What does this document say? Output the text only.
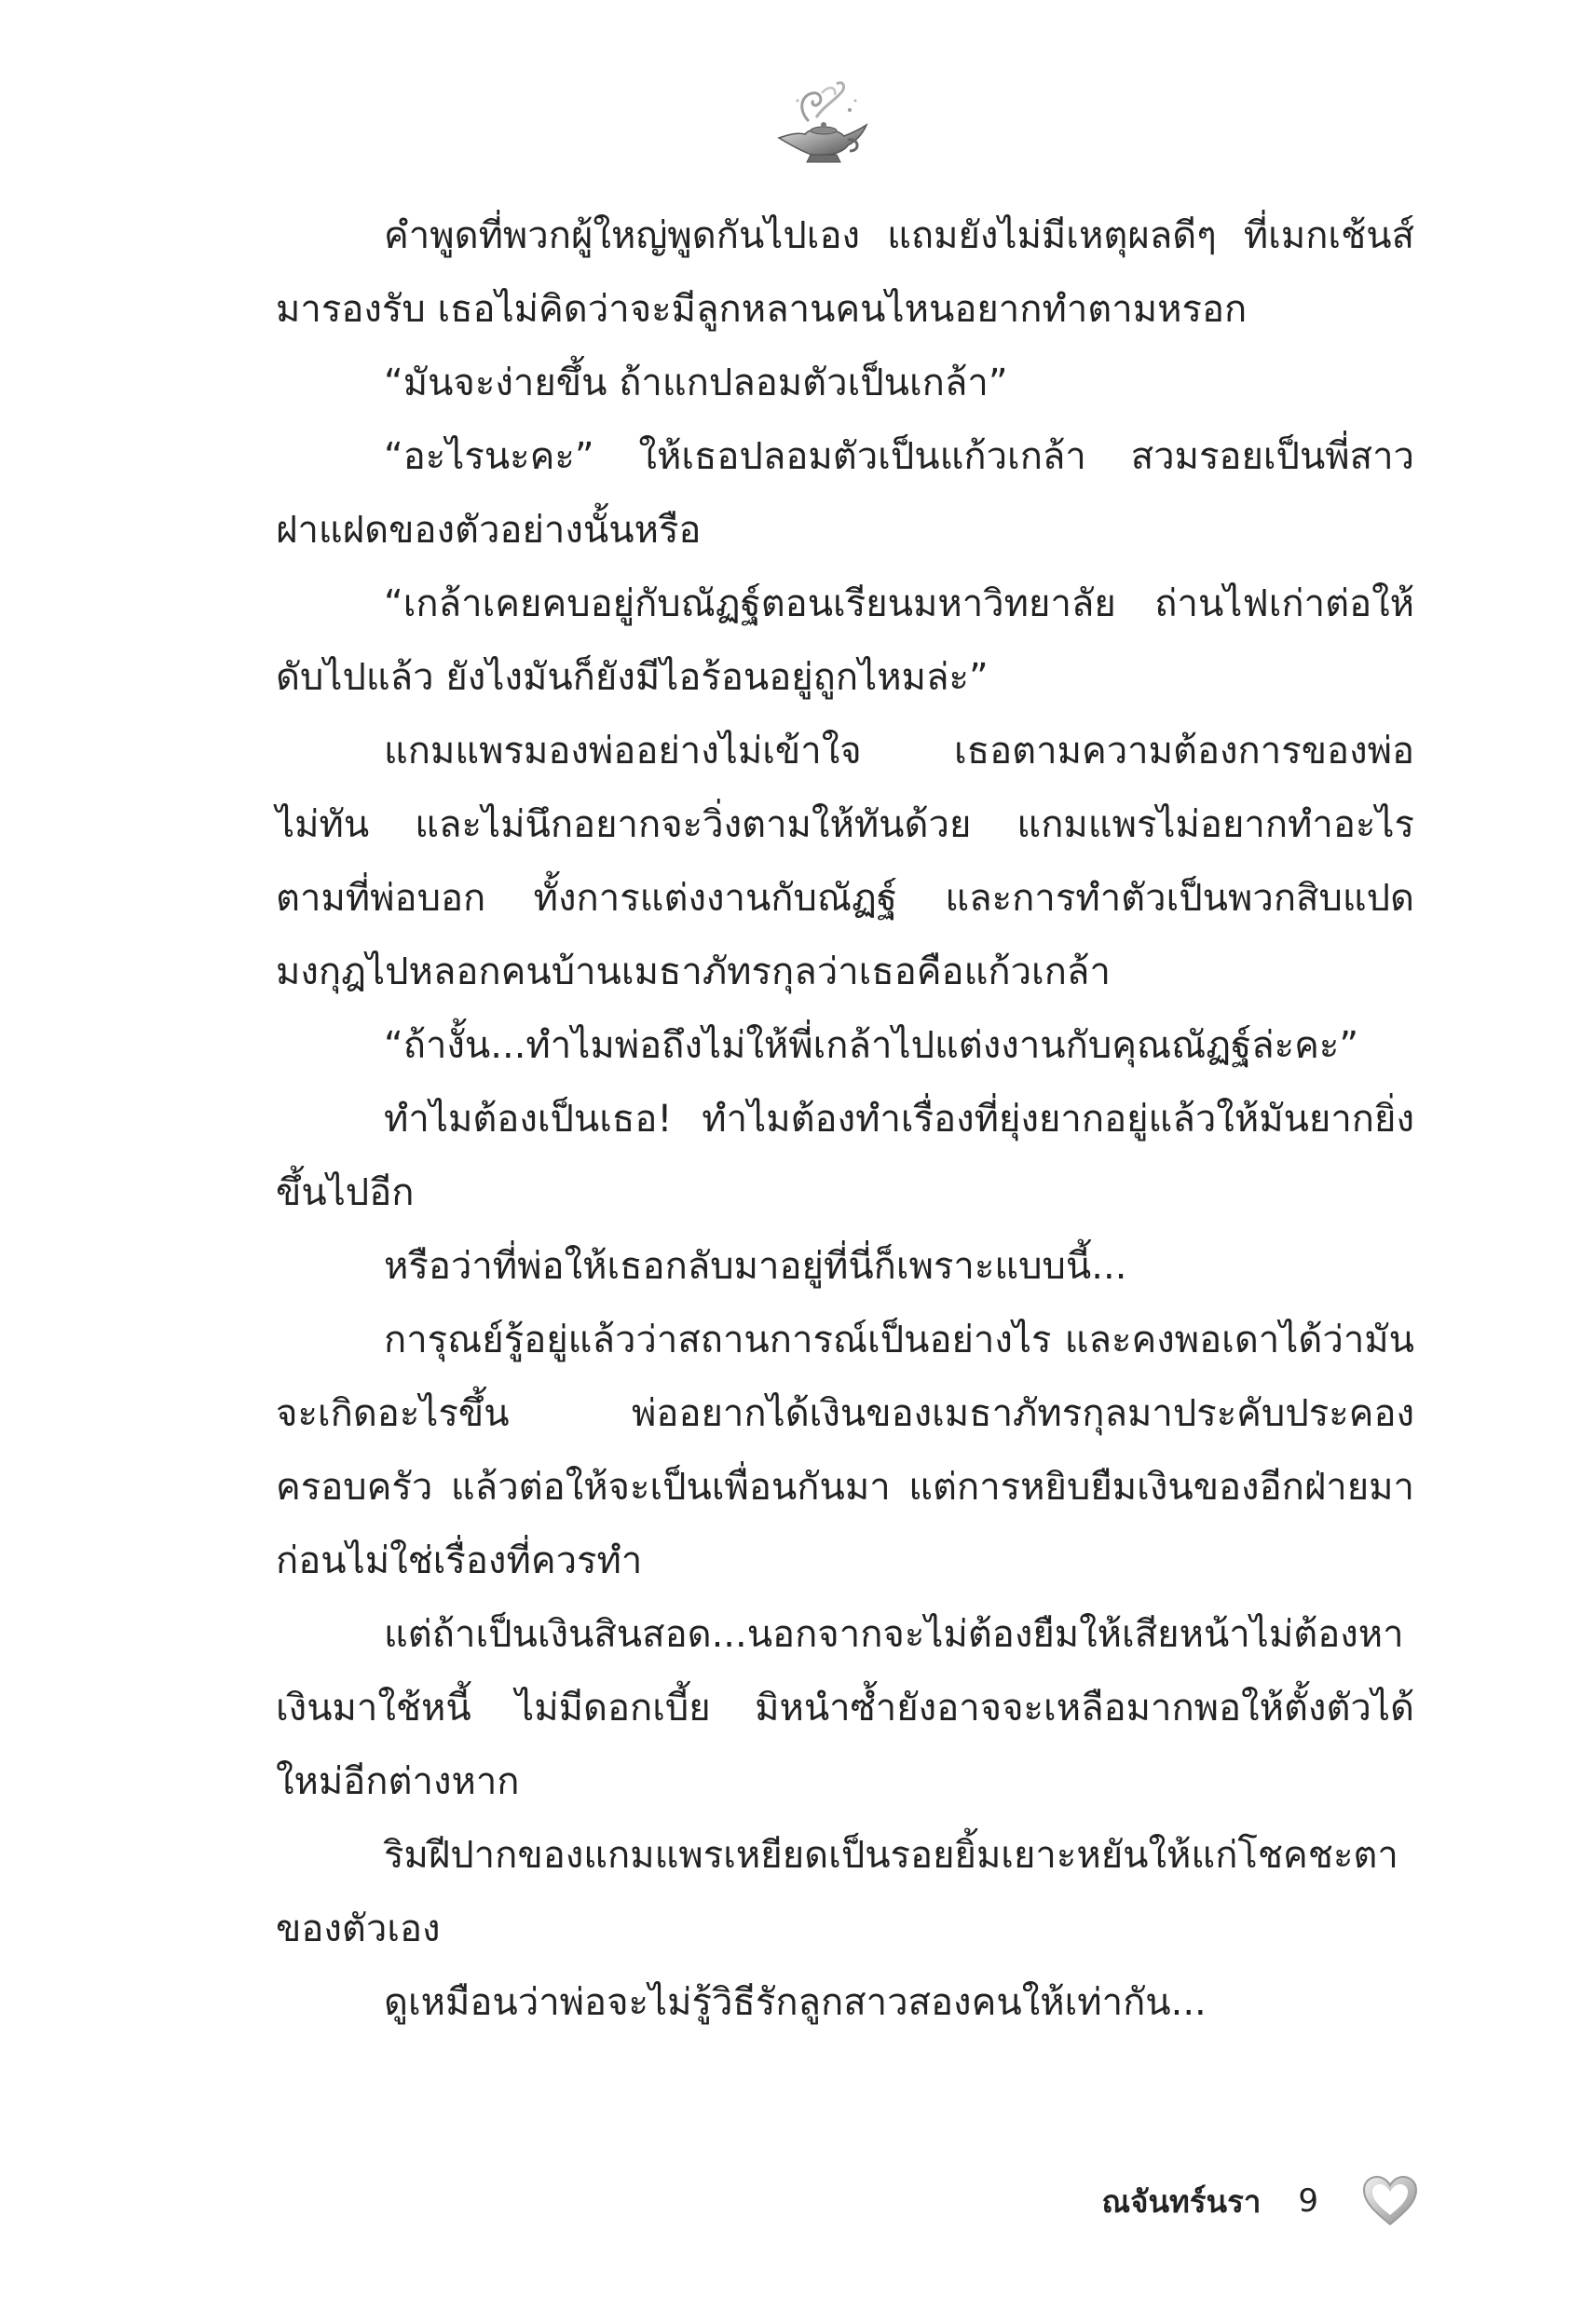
คำพูดที่พวกผู้ใหญ่พูดกันไปเอง แถมยังไม่มีเหตุผลดีๆ ที่เมกเช้นส์มารองรับ เธอไม่คิดว่าจะมีลูกหลานคนไหนอยากทำตามหรอก

“มันจะง่ายขึ้น ถ้าแกปลอมตัวเป็นเกล้า”

“อะไรนะคะ” ให้เธอปลอมตัวเป็นแก้วเกล้า สวมรอยเป็นพี่สาวฝาแฝดของตัวอย่างนั้นหรือ

“เกล้าเคยคบอยู่กับณัฏฐ์ตอนเรียนมหาวิทยาลัย ถ่านไฟเก่าต่อให้ดับไปแล้ว ยังไงมันก็ยังมีไอร้อนอยู่ถูกไหมล่ะ”

แกมแพรมองพ่ออย่างไม่เข้าใจ เธอตามความต้องการของพ่อไม่ทัน และไม่นึกอยากจะวิ่งตามให้ทันด้วย แกมแพรไม่อยากทำอะไรตามที่พ่อบอก ทั้งการแต่งงานกับณัฏฐ์ และการทำตัวเป็นพวกสิบแปดมงกุฎไปหลอกคนบ้านเมธาภัทรกุลว่าเธอคือแก้วเกล้า

“ถ้างั้น...ทำไมพ่อถึงไม่ให้พี่เกล้าไปแต่งงานกับคุณณัฏฐ์ล่ะคะ”

ทำไมต้องเป็นเธอ! ทำไมต้องทำเรื่องที่ยุ่งยากอยู่แล้วให้มันยากยิ่งขึ้นไปอีก

หรือว่าที่พ่อให้เธอกลับมาอยู่ที่นี่ก็เพราะแบบนี้...

การุณย์รู้อยู่แล้วว่าสถานการณ์เป็นอย่างไร และคงพอเดาได้ว่ามันจะเกิดอะไรขึ้น พ่ออยากได้เงินของเมธาภัทรกุลมาประคับประคองครอบครัว แล้วต่อให้จะเป็นเพื่อนกันมา แต่การหยิบยืมเงินของอีกฝ่ายมาก่อนไม่ใช่เรื่องที่ควรทำ

แต่ถ้าเป็นเงินสินสอด...นอกจากจะไม่ต้องยืมให้เสียหน้าไม่ต้องหาเงินมาใช้หนี้ ไม่มีดอกเบี้ย มิหนำซ้ำยังอาจจะเหลือมากพอให้ตั้งตัวได้ใหม่อีกต่างหาก

ริมฝีปากของแกมแพรเหยียดเป็นรอยยิ้มเยาะหยันให้แก่โชคชะตาของตัวเอง

ดูเหมือนว่าพ่อจะไม่รู้วิธีรักลูกสาวสองคนให้เท่ากัน...

ณจันทร์นรา 9
